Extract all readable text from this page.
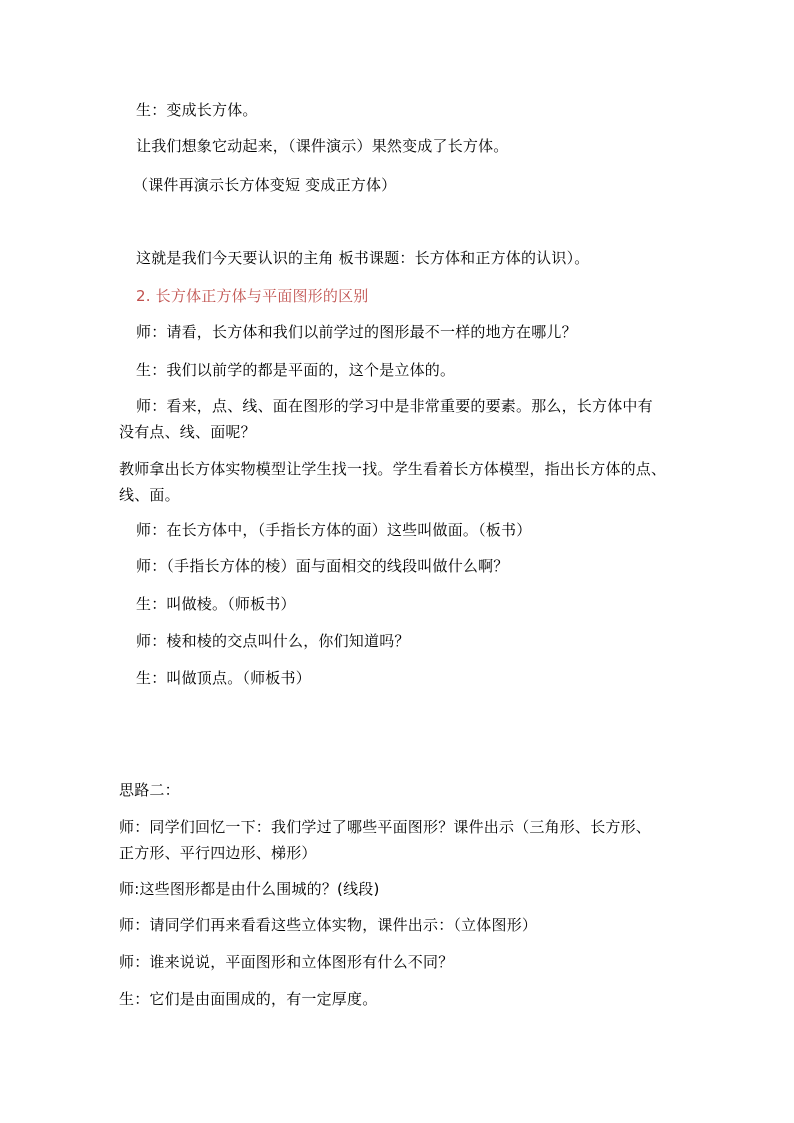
生：变成长方体。
让我们想象它动起来，（课件演示）果然变成了长方体。
（课件再演示长方体变短 变成正方体）
这就是我们今天要认识的主角 板书课题：长方体和正方体的认识）。
2. 长方体正方体与平面图形的区别
师：请看，长方体和我们以前学过的图形最不一样的地方在哪儿？
生：我们以前学的都是平面的，这个是立体的。
师：看来，点、线、面在图形的学习中是非常重要的要素。那么，长方体中有
没有点、线、面呢？
教师拿出长方体实物模型让学生找一找。学生看着长方体模型，指出长方体的点、
线、面。
师：在长方体中，（手指长方体的面）这些叫做面。（板书）
师：（手指长方体的棱）面与面相交的线段叫做什么啊？
生：叫做棱。（师板书）
师：棱和棱的交点叫什么，你们知道吗？
生：叫做顶点。（师板书）
思路二：
师：同学们回忆一下：我们学过了哪些平面图形？课件出示（三角形、长方形、
正方形、平行四边形、梯形）
师:这些图形都是由什么围城的？(线段)
师：请同学们再来看看这些立体实物，课件出示：（立体图形）
师：谁来说说，平面图形和立体图形有什么不同？
生：它们是由面围成的，有一定厚度。
